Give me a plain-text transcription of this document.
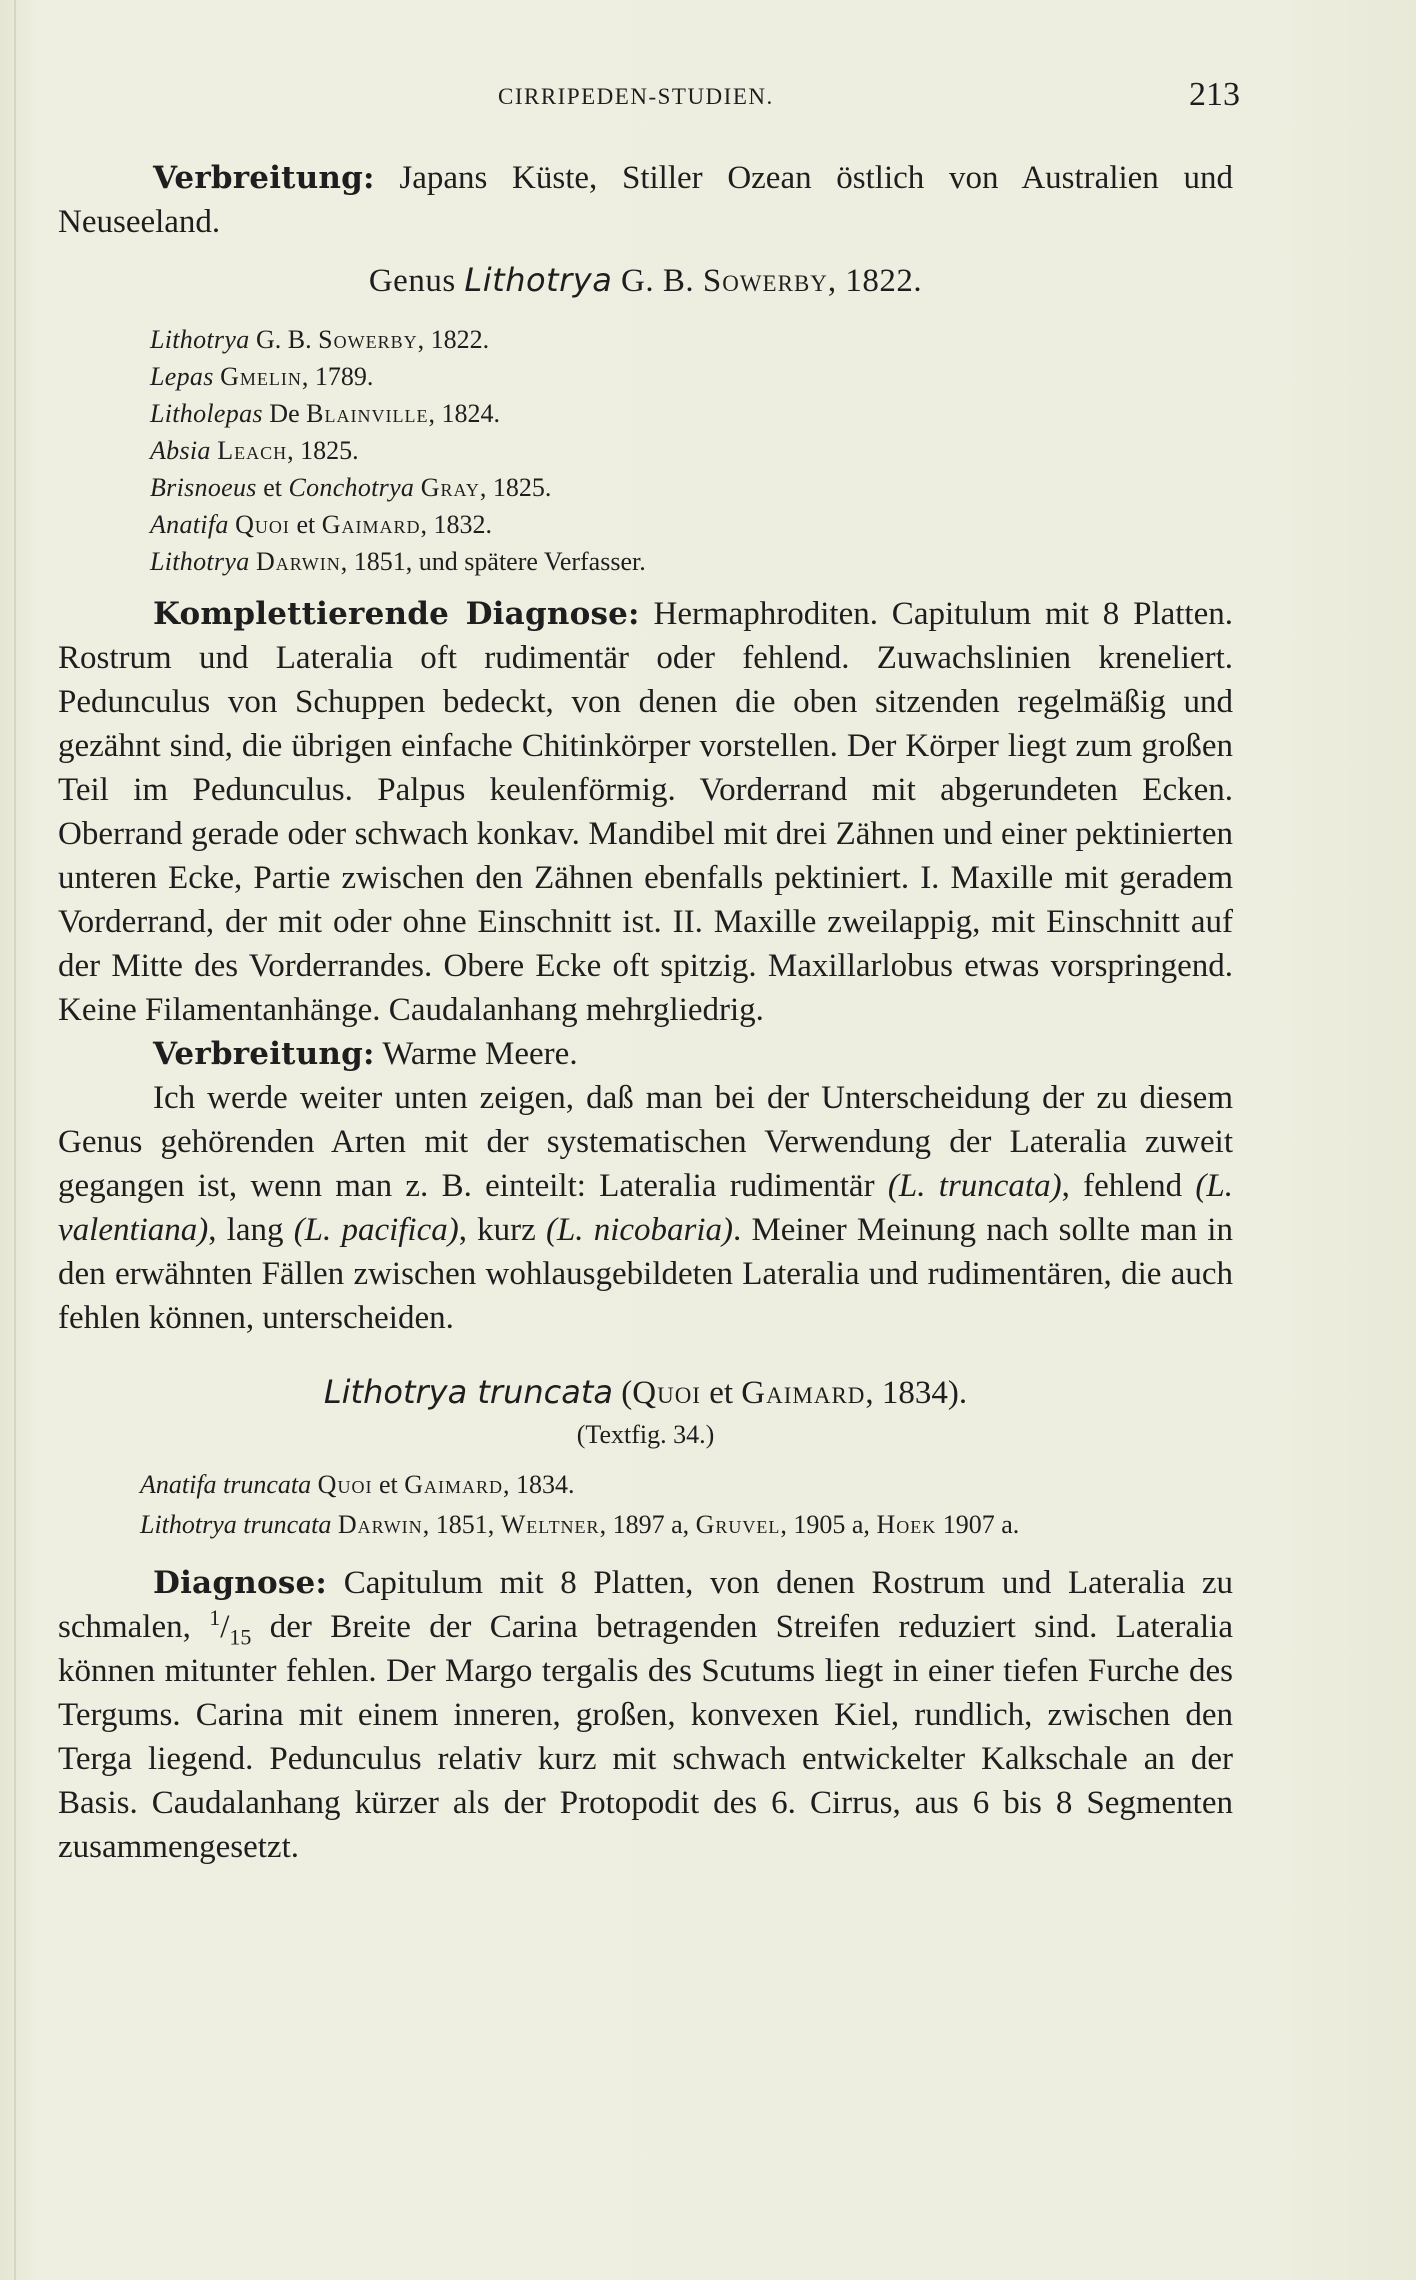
CIRRIPEDEN-STUDIEN.	213

Verbreitung: Japans Küste, Stiller Ozean östlich von Australien und Neuseeland.

Genus Lithotrya G. B. Sowerby, 1822.
Lithotrya G. B. Sowerby, 1822.
Lepas Gmelin, 1789.
Litholepas De Blainville, 1824.
Absia Leach, 1825.
Brisnoeus et Conchotrya Gray, 1825.
Anatifa Quoi et Gaimard, 1832.
Lithotrya Darwin, 1851, und spätere Verfasser.

Komplettierende Diagnose: Hermaphroditen. Capitulum mit 8 Platten. Rostrum und Lateralia oft rudimentär oder fehlend. Zuwachslinien kreneliert. Pedunculus von Schuppen bedeckt, von denen die oben sitzenden regelmäßig und gezähnt sind, die übrigen einfache Chitinkörper vorstellen. Der Körper liegt zum großen Teil im Pedunculus. Palpus keulenförmig. Vorderrand mit abgerundeten Ecken. Oberrand gerade oder schwach konkav. Mandibel mit drei Zähnen und einer pektinierten unteren Ecke, Partie zwischen den Zähnen ebenfalls pektiniert. I. Maxille mit geradem Vorderrand, der mit oder ohne Einschnitt ist. II. Maxille zweilappig, mit Einschnitt auf der Mitte des Vorderrandes. Obere Ecke oft spitzig. Maxillarlobus etwas vorspringend. Keine Filamentanhänge. Caudalanhang mehrgliedrig.

Verbreitung: Warme Meere.

Ich werde weiter unten zeigen, daß man bei der Unterscheidung der zu diesem Genus gehörenden Arten mit der systematischen Verwendung der Lateralia zuweit gegangen ist, wenn man z. B. einteilt: Lateralia rudimentär (L. truncata), fehlend (L. valentiana), lang (L. pacifica), kurz (L. nicobaria). Meiner Meinung nach sollte man in den erwähnten Fällen zwischen wohlausgebildeten Lateralia und rudimentären, die auch fehlen können, unterscheiden.

Lithotrya truncata (Quoi et Gaimard, 1834).
(Textfig. 34.)
Anatifa truncata Quoi et Gaimard, 1834.
Lithotrya truncata Darwin, 1851, Weltner, 1897 a, Gruvel, 1905 a, Hoek 1907 a.

Diagnose: Capitulum mit 8 Platten, von denen Rostrum und Lateralia zu schmalen, $^1/_{15}$ der Breite der Carina betragenden Streifen reduziert sind. Lateralia können mitunter fehlen. Der Margo tergalis des Scutums liegt in einer tiefen Furche des Tergums. Carina mit einem inneren, großen, konvexen Kiel, rundlich, zwischen den Terga liegend. Pedunculus relativ kurz mit schwach entwickelter Kalkschale an der Basis. Caudalanhang kürzer als der Protopodit des 6. Cirrus, aus 6 bis 8 Segmenten zusammengesetzt.
